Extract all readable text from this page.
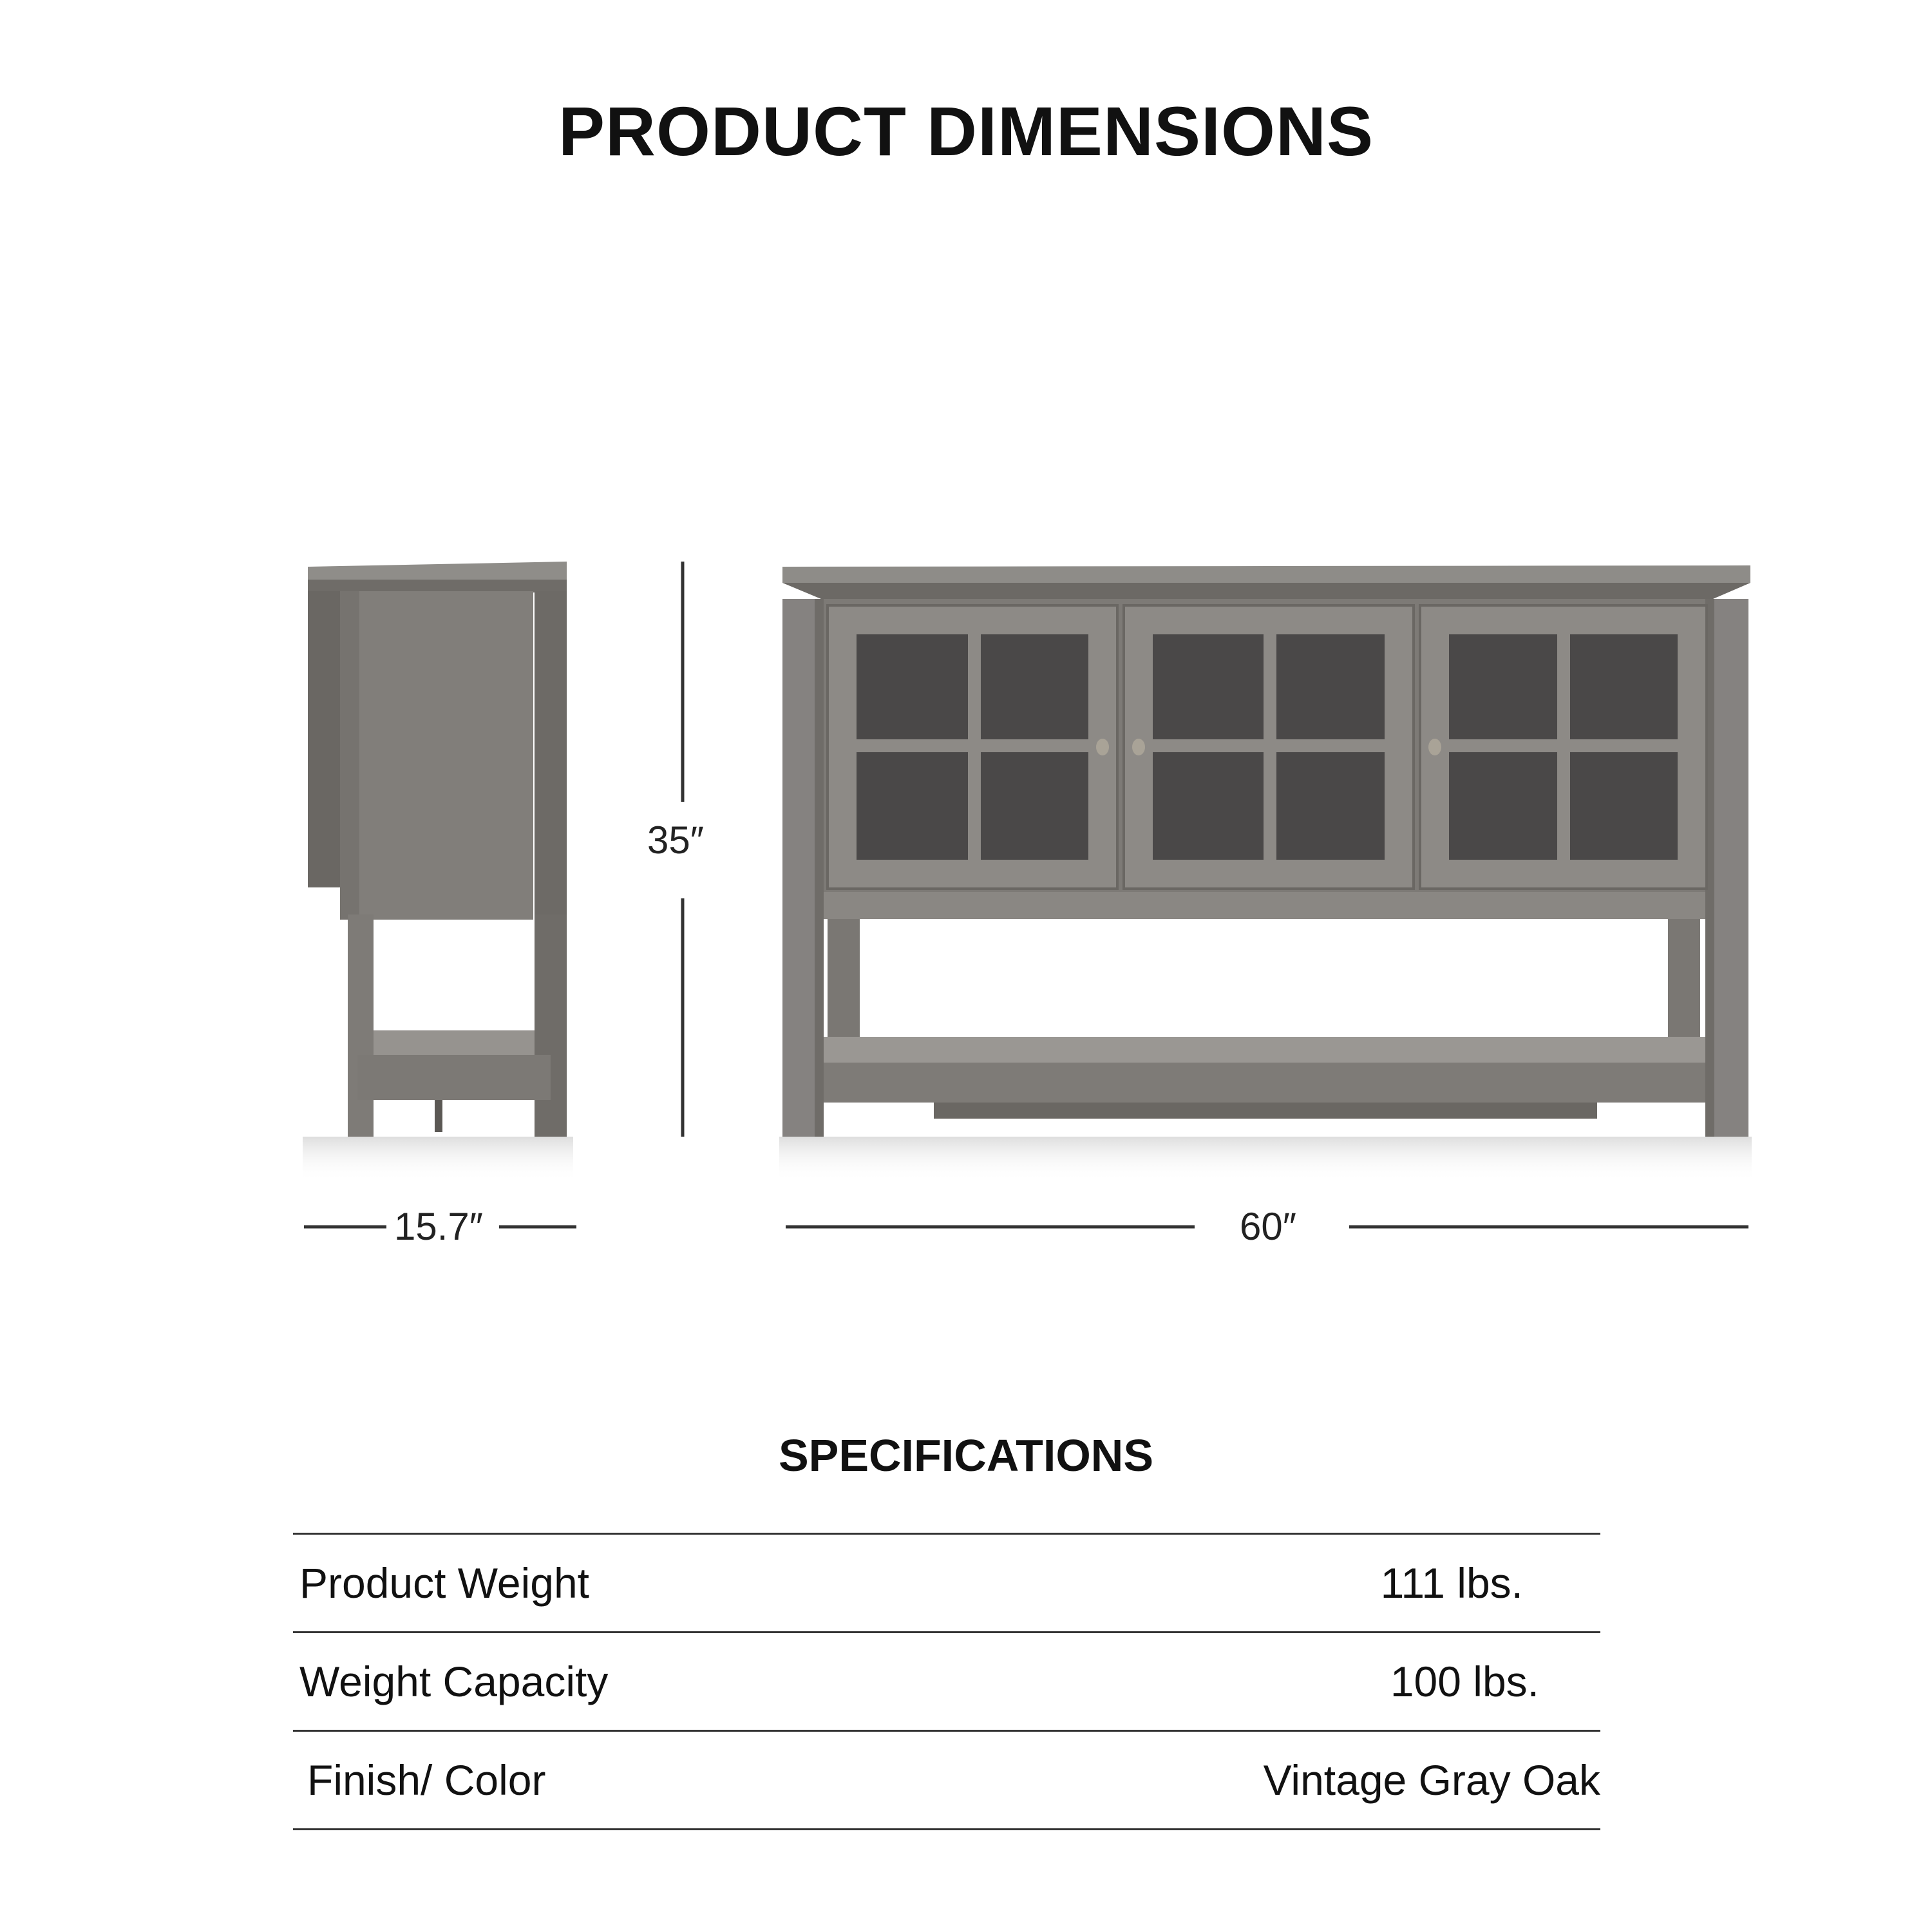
PRODUCT DIMENSIONS
35″
15.7″	60″
SPECIFICATIONS
Product Weight	111 lbs.
Weight Capacity	100 lbs.
Finish/ Color	Vintage Gray Oak
